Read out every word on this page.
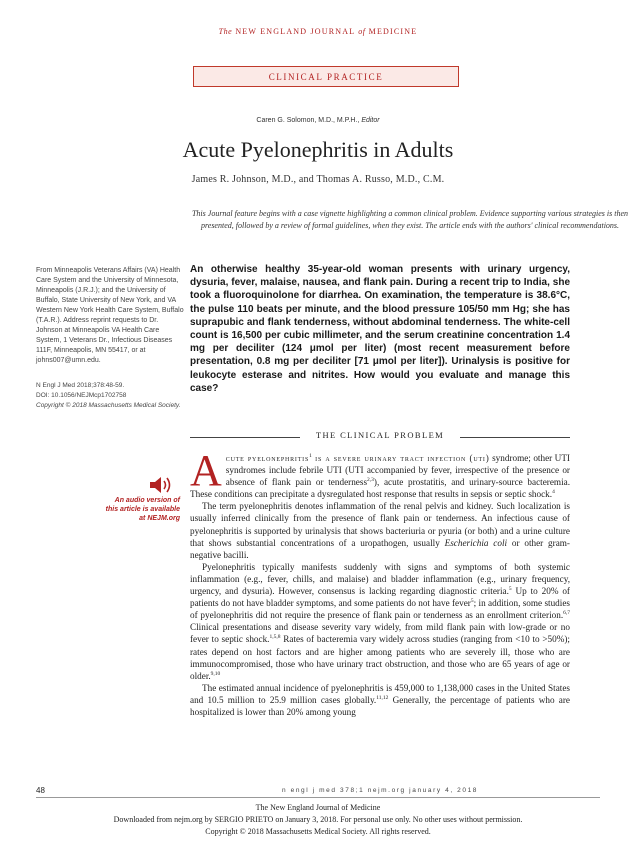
The NEW ENGLAND JOURNAL of MEDICINE
CLINICAL PRACTICE
Caren G. Solomon, M.D., M.P.H., Editor
Acute Pyelonephritis in Adults
James R. Johnson, M.D., and Thomas A. Russo, M.D., C.M.
This Journal feature begins with a case vignette highlighting a common clinical problem. Evidence supporting various strategies is then presented, followed by a review of formal guidelines, when they exist. The article ends with the authors' clinical recommendations.
From Minneapolis Veterans Affairs (VA) Health Care System and the University of Minnesota, Minneapolis (J.R.J.); and the University of Buffalo, State University of New York, and VA Western New York Health Care System, Buffalo (T.A.R.). Address reprint requests to Dr. Johnson at Minneapolis VA Health Care System, 1 Veterans Dr., Infectious Diseases 111F, Minneapolis, MN 55417, or at johns007@umn.edu.
N Engl J Med 2018;378:48-59.
DOI: 10.1056/NEJMcp1702758
Copyright © 2018 Massachusetts Medical Society.
An otherwise healthy 35-year-old woman presents with urinary urgency, dysuria, fever, malaise, nausea, and flank pain. During a recent trip to India, she took a fluoroquinolone for diarrhea. On examination, the temperature is 38.6°C, the pulse 110 beats per minute, and the blood pressure 105/50 mm Hg; she has suprapubic and flank tenderness, without abdominal tenderness. The white-cell count is 16,500 per cubic millimeter, and the serum creatinine concentration 1.4 mg per deciliter (124 μmol per liter) (most recent measurement before presentation, 0.8 mg per deciliter [71 μmol per liter]). Urinalysis is positive for leukocyte esterase and nitrites. How would you evaluate and manage this case?
THE CLINICAL PROBLEM
An audio version of this article is available at NEJM.org

Acute pyelonephritis$^1$ is a severe urinary tract infection (uti) syndrome; other UTI syndromes include febrile UTI (UTI accompanied by fever, irrespective of the presence or absence of flank pain or tenderness$^{2,3}$), acute prostatitis, and urinary-source bacteremia. These conditions can precipitate a dysregulated host response that results in sepsis or septic shock.$^4$

The term pyelonephritis denotes inflammation of the renal pelvis and kidney. Such localization is usually inferred clinically from the presence of flank pain or tenderness. An infectious cause of pyelonephritis is supported by urinalysis that shows bacteriuria or pyuria (or both) and a urine culture that shows substantial concentrations of a uropathogen, usually Escherichia coli or other gram-negative bacilli.

Pyelonephritis typically manifests suddenly with signs and symptoms of both systemic inflammation (e.g., fever, chills, and malaise) and bladder inflammation (e.g., urinary frequency, urgency, and dysuria). However, consensus is lacking regarding diagnostic criteria.$^5$ Up to 20% of patients do not have bladder symptoms, and some patients do not have fever$^5$; in addition, some studies of pyelonephritis did not require the presence of flank pain or tenderness as an enrollment criterion.$^{6,7}$ Clinical presentations and disease severity vary widely, from mild flank pain with low-grade or no fever to septic shock.$^{1,5,8}$ Rates of bacteremia vary widely across studies (ranging from <10 to >50%); rates depend on host factors and are higher among patients who are severely ill, those who are immunocompromised, those who have urinary tract obstruction, and those who are 65 years of age or older.$^{9,10}$

The estimated annual incidence of pyelonephritis is 459,000 to 1,138,000 cases in the United States and 10.5 million to 25.9 million cases globally.$^{11,12}$ Generally, the percentage of patients who are hospitalized is lower than 20% among young

48	n engl j med 378;1 nejm.org january 4, 2018
The New England Journal of Medicine
Downloaded from nejm.org by SERGIO PRIETO on January 3, 2018. For personal use only. No other uses without permission.
Copyright © 2018 Massachusetts Medical Society. All rights reserved.
